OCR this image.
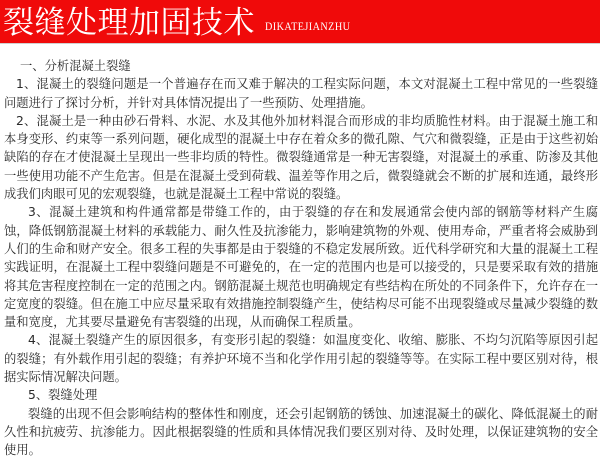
裂缝处理加固技术 DIKATEJIANZHU

一、分析混凝土裂缝

1、混凝土的裂缝问题是一个普遍存在而又难于解决的工程实际问题，本文对混凝土工程中常见的一些裂缝问题进行了探讨分析，并针对具体情况提出了一些预防、处理措施。

2、混凝土是一种由砂石骨料、水泥、水及其他外加材料混合而形成的非均质脆性材料。由于混凝土施工和本身变形、约束等一系列问题，硬化成型的混凝土中存在着众多的微孔隙、气穴和微裂缝，正是由于这些初始缺陷的存在才使混凝土呈现出一些非均质的特性。微裂缝通常是一种无害裂缝，对混凝土的承重、防渗及其他一些使用功能不产生危害。但是在混凝土受到荷载、温差等作用之后，微裂缝就会不断的扩展和连通，最终形成我们肉眼可见的宏观裂缝，也就是混凝土工程中常说的裂缝。

3、混凝土建筑和构件通常都是带缝工作的，由于裂缝的存在和发展通常会使内部的钢筋等材料产生腐蚀，降低钢筋混凝土材料的承载能力、耐久性及抗渗能力，影响建筑物的外观、使用寿命，严重者将会威胁到人们的生命和财产安全。很多工程的失事都是由于裂缝的不稳定发展所致。近代科学研究和大量的混凝土工程实践证明，在混凝土工程中裂缝问题是不可避免的，在一定的范围内也是可以接受的，只是要采取有效的措施将其危害程度控制在一定的范围之内。钢筋混凝土规范也明确规定有些结构在所处的不同条件下，允许存在一定宽度的裂缝。但在施工中应尽量采取有效措施控制裂缝产生，使结构尽可能不出现裂缝或尽量减少裂缝的数量和宽度，尤其要尽量避免有害裂缝的出现，从而确保工程质量。

4、混凝土裂缝产生的原因很多，有变形引起的裂缝：如温度变化、收缩、膨胀、不均匀沉陷等原因引起的裂缝；有外载作用引起的裂缝；有养护环境不当和化学作用引起的裂缝等等。在实际工程中要区别对待，根据实际情况解决问题。

5、裂缝处理

裂缝的出现不但会影响结构的整体性和刚度，还会引起钢筋的锈蚀、加速混凝土的碳化、降低混凝土的耐久性和抗疲劳、抗渗能力。因此根据裂缝的性质和具体情况我们要区别对待、及时处理，以保证建筑物的安全使用。
